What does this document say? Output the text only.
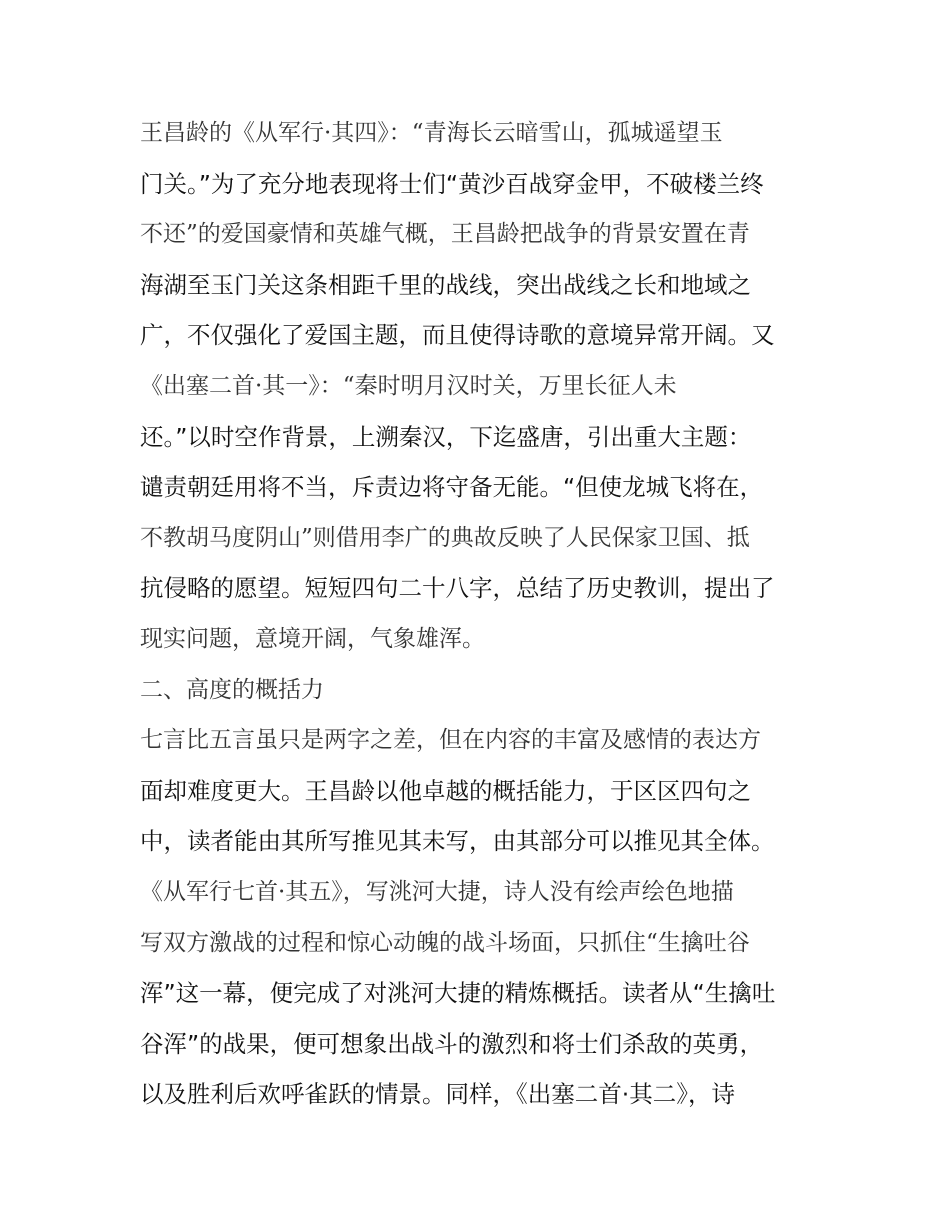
王昌龄的《从军行·其四》：“青海长云暗雪山，孤城遥望玉
门关。”为了充分地表现将士们“黄沙百战穿金甲，不破楼兰终
不还”的爱国豪情和英雄气概，王昌龄把战争的背景安置在青
海湖至玉门关这条相距千里的战线，突出战线之长和地域之
广，不仅强化了爱国主题，而且使得诗歌的意境异常开阔。又
《出塞二首·其一》：“秦时明月汉时关，万里长征人未
还。”以时空作背景，上溯秦汉，下迄盛唐，引出重大主题：
谴责朝廷用将不当，斥责边将守备无能。“但使龙城飞将在，
不教胡马度阴山”则借用李广的典故反映了人民保家卫国、抵
抗侵略的愿望。短短四句二十八字，总结了历史教训，提出了
现实问题，意境开阔，气象雄浑。
二、高度的概括力
七言比五言虽只是两字之差，但在内容的丰富及感情的表达方
面却难度更大。王昌龄以他卓越的概括能力，于区区四句之
中，读者能由其所写推见其未写，由其部分可以推见其全体。
《从军行七首·其五》，写洮河大捷，诗人没有绘声绘色地描
写双方激战的过程和惊心动魄的战斗场面，只抓住“生擒吐谷
浑”这一幕，便完成了对洮河大捷的精炼概括。读者从“生擒吐
谷浑”的战果，便可想象出战斗的激烈和将士们杀敌的英勇，
以及胜利后欢呼雀跃的情景。同样，《出塞二首·其二》，诗
